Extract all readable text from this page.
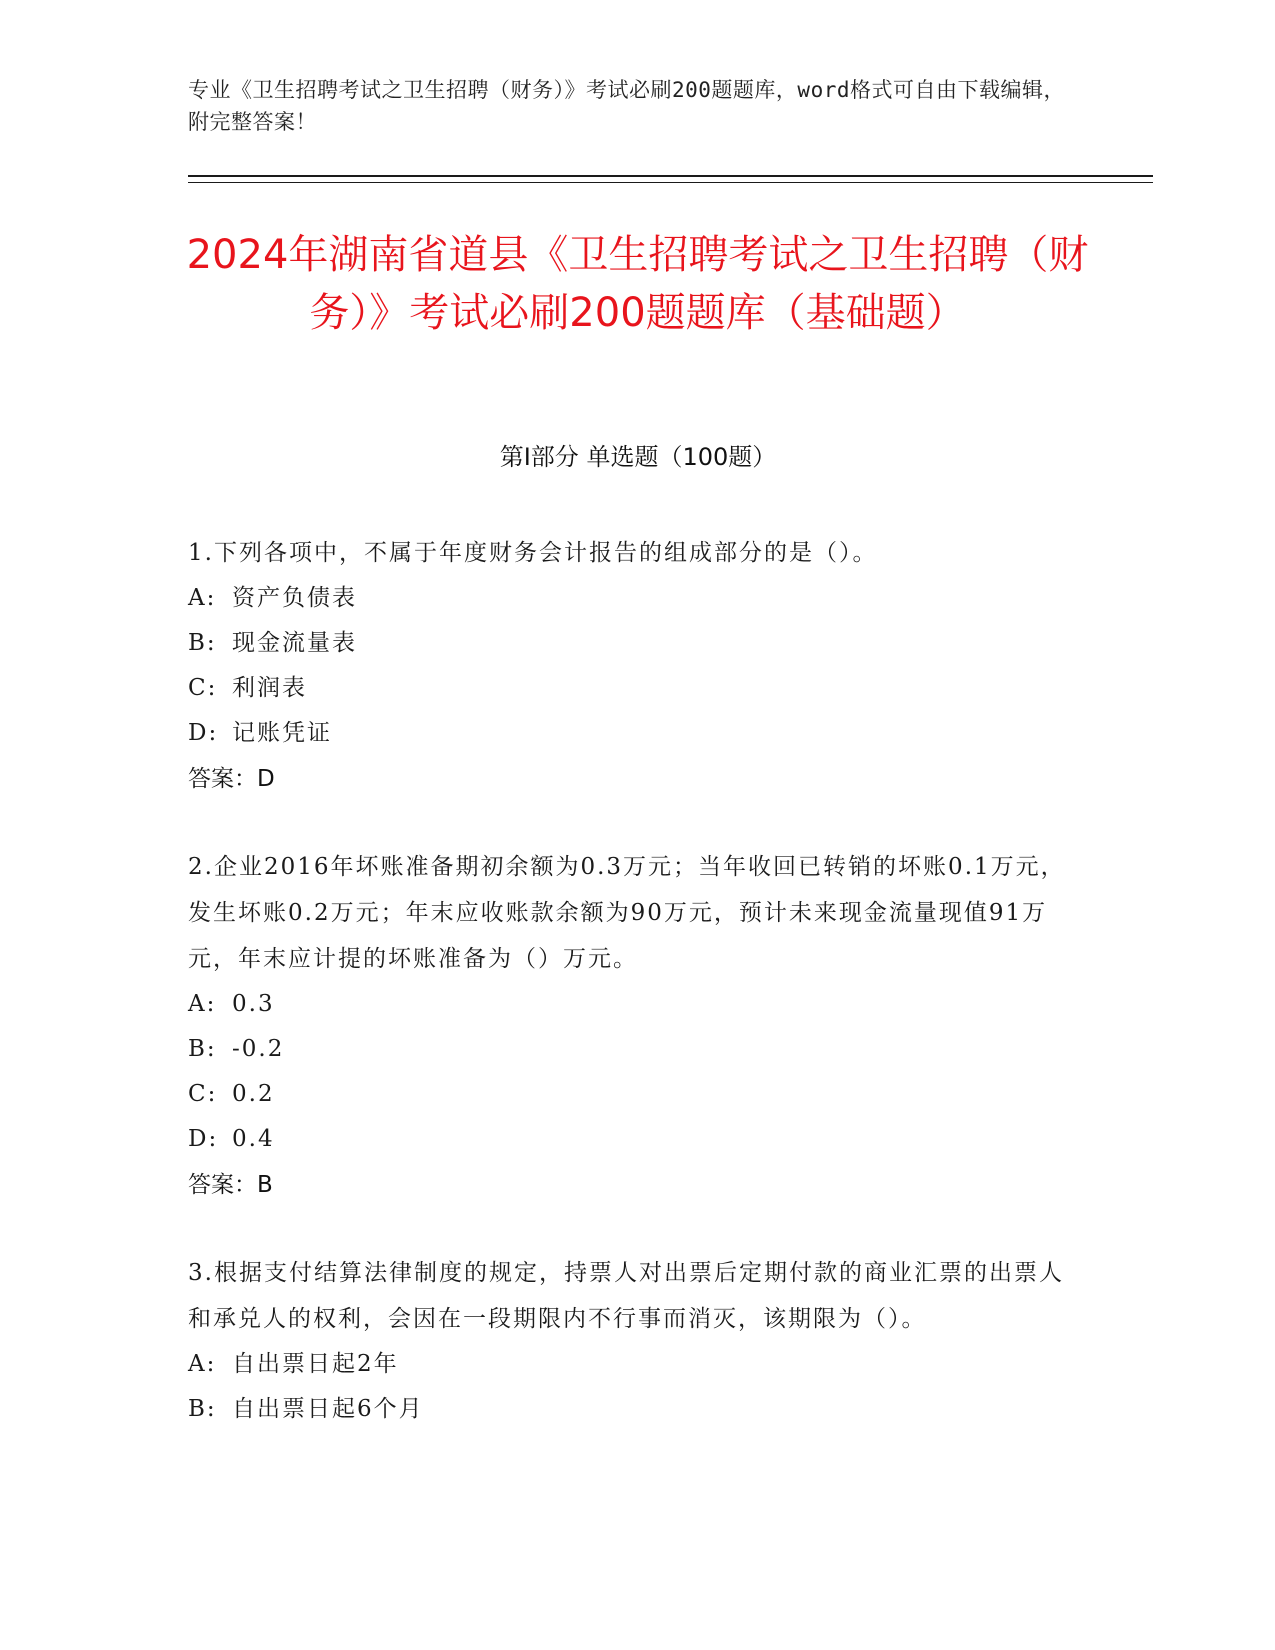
专业《卫生招聘考试之卫生招聘（财务）》考试必刷200题题库，word格式可自由下载编辑，附完整答案！

2024年湖南省道县《卫生招聘考试之卫生招聘（财务）》考试必刷200题题库（基础题）
第Ⅰ部分 单选题（100题）

1.下列各项中，不属于年度财务会计报告的组成部分的是（）。

A: 资产负债表
B: 现金流量表
C: 利润表
D: 记账凭证

答案：D

2.企业2016年坏账准备期初余额为0.3万元；当年收回已转销的坏账0.1万元，发生坏账0.2万元；年末应收账款余额为90万元，预计未来现金流量现值91万元，年末应计提的坏账准备为（）万元。

A: 0.3
B: -0.2
C: 0.2
D: 0.4

答案：B

3.根据支付结算法律制度的规定，持票人对出票后定期付款的商业汇票的出票人和承兑人的权利，会因在一段期限内不行事而消灭，该期限为（）。

A: 自出票日起2年
B: 自出票日起6个月
